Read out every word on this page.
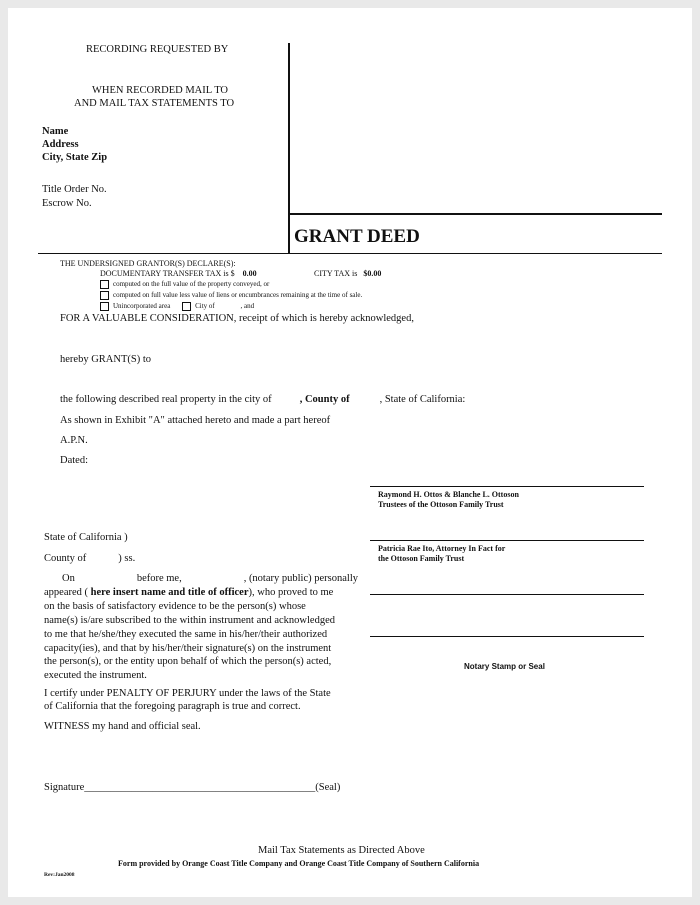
RECORDING REQUESTED BY
WHEN RECORDED MAIL TO
AND MAIL TAX STATEMENTS TO
Name
Address
City, State Zip
Title Order No.
Escrow No.
GRANT DEED
THE UNDERSIGNED GRANTOR(S) DECLARE(S):
DOCUMENTARY TRANSFER TAX is $ 0.00	CITY TAX is $0.00
computed on the full value of the property conveyed, or
computed on full value less value of liens or encumbrances remaining at the time of sale.
Unincorporated area	City of	, and
FOR A VALUABLE CONSIDERATION, receipt of which is hereby acknowledged,
hereby GRANT(S) to
the following described real property in the city of	, County of	, State of California:
As shown in Exhibit "A" attached hereto and made a part hereof
A.P.N.
Dated:
Raymond H. Ottos & Blanche L. Ottoson
Trustees of the Ottoson Family Trust
Patricia Rae Ito, Attorney In Fact for
the Ottoson Family Trust
State of California )
County of	) ss.
On	before me,	, (notary public) personally
appeared ( here insert name and title of officer), who proved to me
on the basis of satisfactory evidence to be the person(s) whose
name(s) is/are subscribed to the within instrument and acknowledged
to me that he/she/they executed the same in his/her/their authorized
capacity(ies), and that by his/her/their signature(s) on the instrument
the person(s), or the entity upon behalf of which the person(s) acted,
executed the instrument.
I certify under PENALTY OF PERJURY under the laws of the State
of California that the foregoing paragraph is true and correct.
WITNESS my hand and official seal.
Signature____________________________________________(Seal)
Notary Stamp or Seal
Mail Tax Statements as Directed Above
Form provided by Orange Coast Title Company and Orange Coast Title Company of Southern California
Rev:Jan2008
